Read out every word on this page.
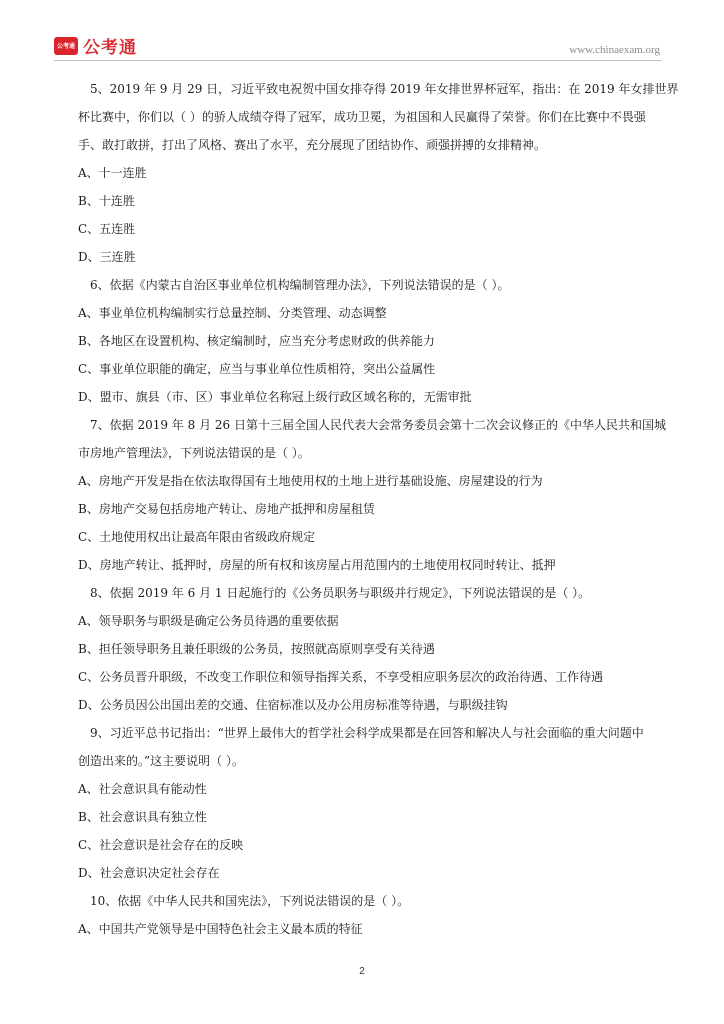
公考通 公考通	www.chinaexam.org
5、2019 年 9 月 29 日，习近平致电祝贺中国女排夺得 2019 年女排世界杯冠军，指出：在 2019 年女排世界
杯比赛中，你们以（ ）的骄人成绩夺得了冠军，成功卫冕，为祖国和人民赢得了荣誉。你们在比赛中不畏强
手、敢打敢拼，打出了风格、赛出了水平，充分展现了团结协作、顽强拼搏的女排精神。
A、十一连胜
B、十连胜
C、五连胜
D、三连胜
6、依据《内蒙古自治区事业单位机构编制管理办法》，下列说法错误的是（ ）。
A、事业单位机构编制实行总量控制、分类管理、动态调整
B、各地区在设置机构、核定编制时，应当充分考虑财政的供养能力
C、事业单位职能的确定，应当与事业单位性质相符，突出公益属性
D、盟市、旗县（市、区）事业单位名称冠上级行政区域名称的，无需审批
7、依据 2019 年 8 月 26 日第十三届全国人民代表大会常务委员会第十二次会议修正的《中华人民共和国城
市房地产管理法》，下列说法错误的是（ ）。
A、房地产开发是指在依法取得国有土地使用权的土地上进行基础设施、房屋建设的行为
B、房地产交易包括房地产转让、房地产抵押和房屋租赁
C、土地使用权出让最高年限由省级政府规定
D、房地产转让、抵押时，房屋的所有权和该房屋占用范围内的土地使用权同时转让、抵押
8、依据 2019 年 6 月 1 日起施行的《公务员职务与职级并行规定》，下列说法错误的是（ ）。
A、领导职务与职级是确定公务员待遇的重要依据
B、担任领导职务且兼任职级的公务员，按照就高原则享受有关待遇
C、公务员晋升职级，不改变工作职位和领导指挥关系，不享受相应职务层次的政治待遇、工作待遇
D、公务员因公出国出差的交通、住宿标准以及办公用房标准等待遇，与职级挂钩
9、习近平总书记指出：“世界上最伟大的哲学社会科学成果都是在回答和解决人与社会面临的重大问题中
创造出来的。”这主要说明（ ）。
A、社会意识具有能动性
B、社会意识具有独立性
C、社会意识是社会存在的反映
D、社会意识决定社会存在
10、依据《中华人民共和国宪法》，下列说法错误的是（ ）。
A、中国共产党领导是中国特色社会主义最本质的特征
2
